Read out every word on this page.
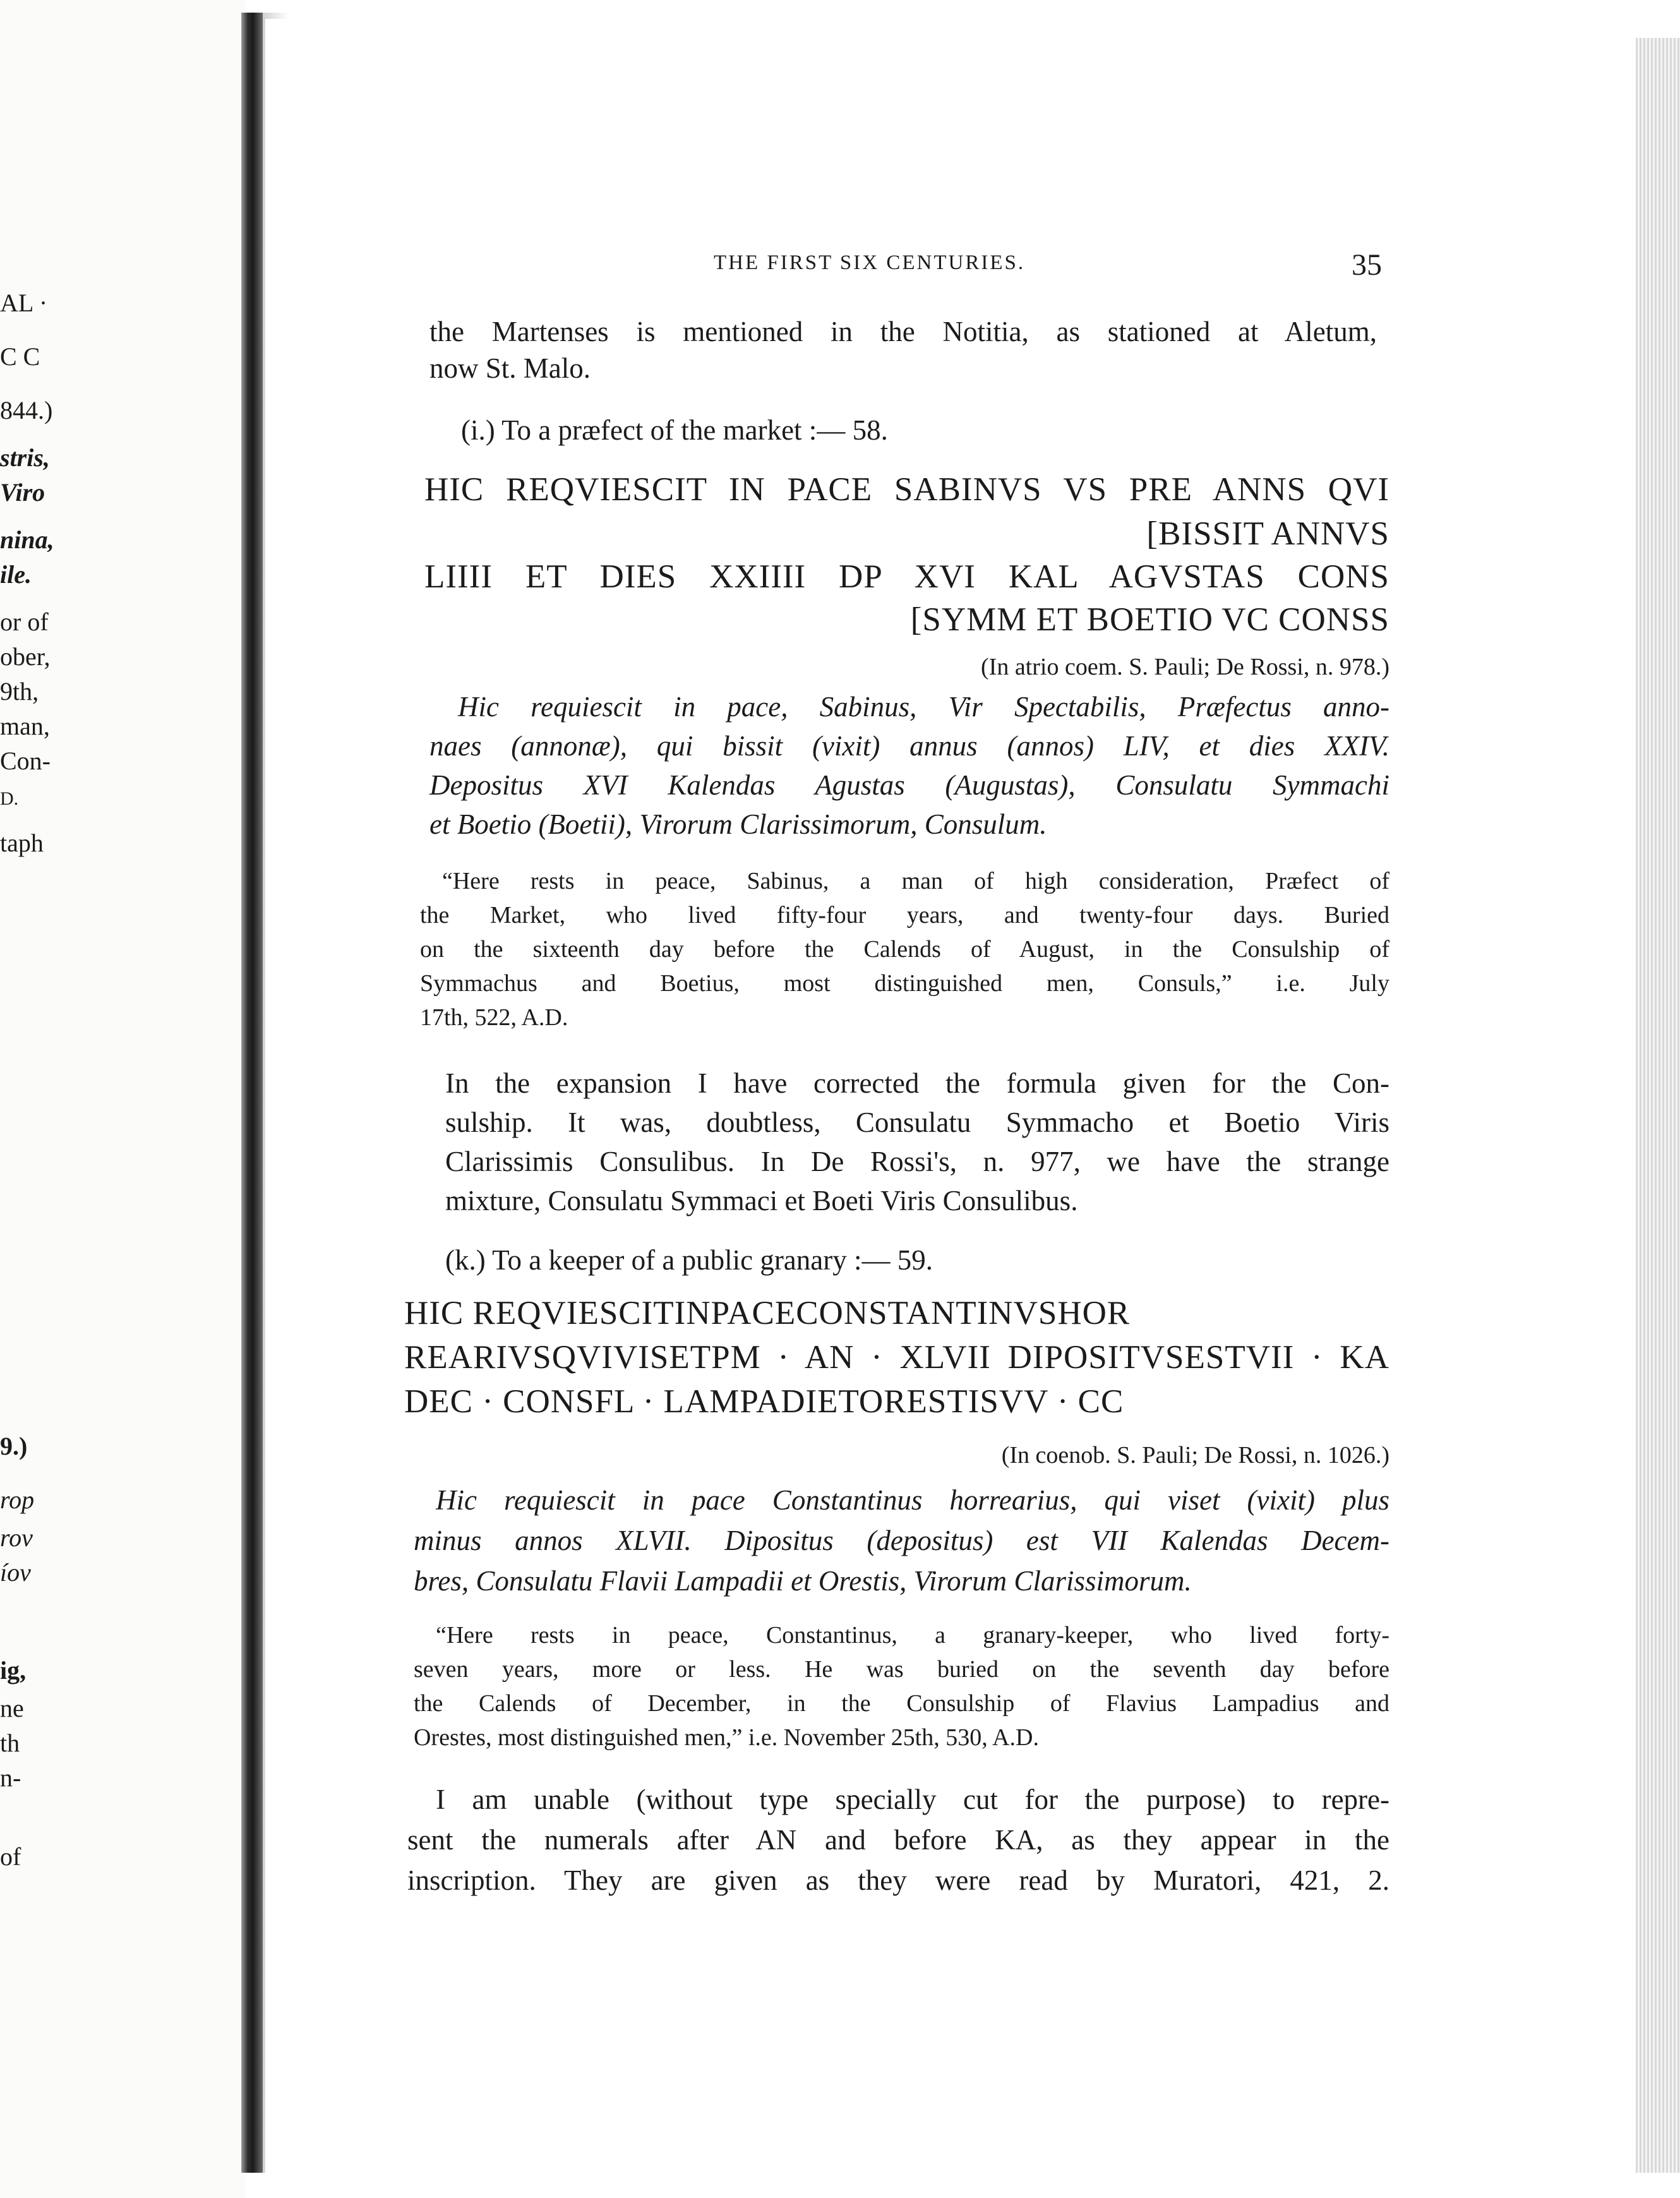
AL ·
C C
844.)
stris,
Viro
nina,
ile.
or of
ober,
9th,
man,
Con-
D.
taph
9.)
rop
rov
íov
ig,
ne
th
n-
of
THE FIRST SIX CENTURIES.	35
the Martenses is mentioned in the Notitia, as stationed at Aletum,
now St. Malo.
(i.) To a præfect of the market :— 58.
HIC REQVIESCIT IN PACE SABINVS VS PRE ANNS QVI
[BISSIT ANNVS
LIIII ET DIES XXIIII DP XVI KAL AGVSTAS CONS
[SYMM ET BOETIO VC CONSS
(In atrio coem. S. Pauli; De Rossi, n. 978.)
Hic requiescit in pace, Sabinus, Vir Spectabilis, Præfectus anno-
naes (annonæ), qui bissit (vixit) annus (annos) LIV, et dies XXIV.
Depositus XVI Kalendas Agustas (Augustas), Consulatu Symmachi
et Boetio (Boetii), Virorum Clarissimorum, Consulum.
“Here rests in peace, Sabinus, a man of high consideration, Præfect of
the Market, who lived fifty-four years, and twenty-four days. Buried
on the sixteenth day before the Calends of August, in the Consulship of
Symmachus and Boetius, most distinguished men, Consuls,” i.e. July
17th, 522, A.D.
In the expansion I have corrected the formula given for the Con-
sulship. It was, doubtless, Consulatu Symmacho et Boetio Viris
Clarissimis Consulibus. In De Rossi's, n. 977, we have the strange
mixture, Consulatu Symmaci et Boeti Viris Consulibus.
(k.) To a keeper of a public granary :— 59.
HIC REQVIESCITINPACECONSTANTINVSHOR
REARIVSQVIVISETPM · AN · XLVII DIPOSITVSESTVII · KA
DEC · CONSFL · LAMPADIETORESTISVV · CC
(In coenob. S. Pauli; De Rossi, n. 1026.)
Hic requiescit in pace Constantinus horrearius, qui viset (vixit) plus
minus annos XLVII. Dipositus (depositus) est VII Kalendas Decem-
bres, Consulatu Flavii Lampadii et Orestis, Virorum Clarissimorum.
“Here rests in peace, Constantinus, a granary-keeper, who lived forty-
seven years, more or less. He was buried on the seventh day before
the Calends of December, in the Consulship of Flavius Lampadius and
Orestes, most distinguished men,” i.e. November 25th, 530, A.D.
I am unable (without type specially cut for the purpose) to repre-
sent the numerals after AN and before KA, as they appear in the
inscription. They are given as they were read by Muratori, 421, 2.
